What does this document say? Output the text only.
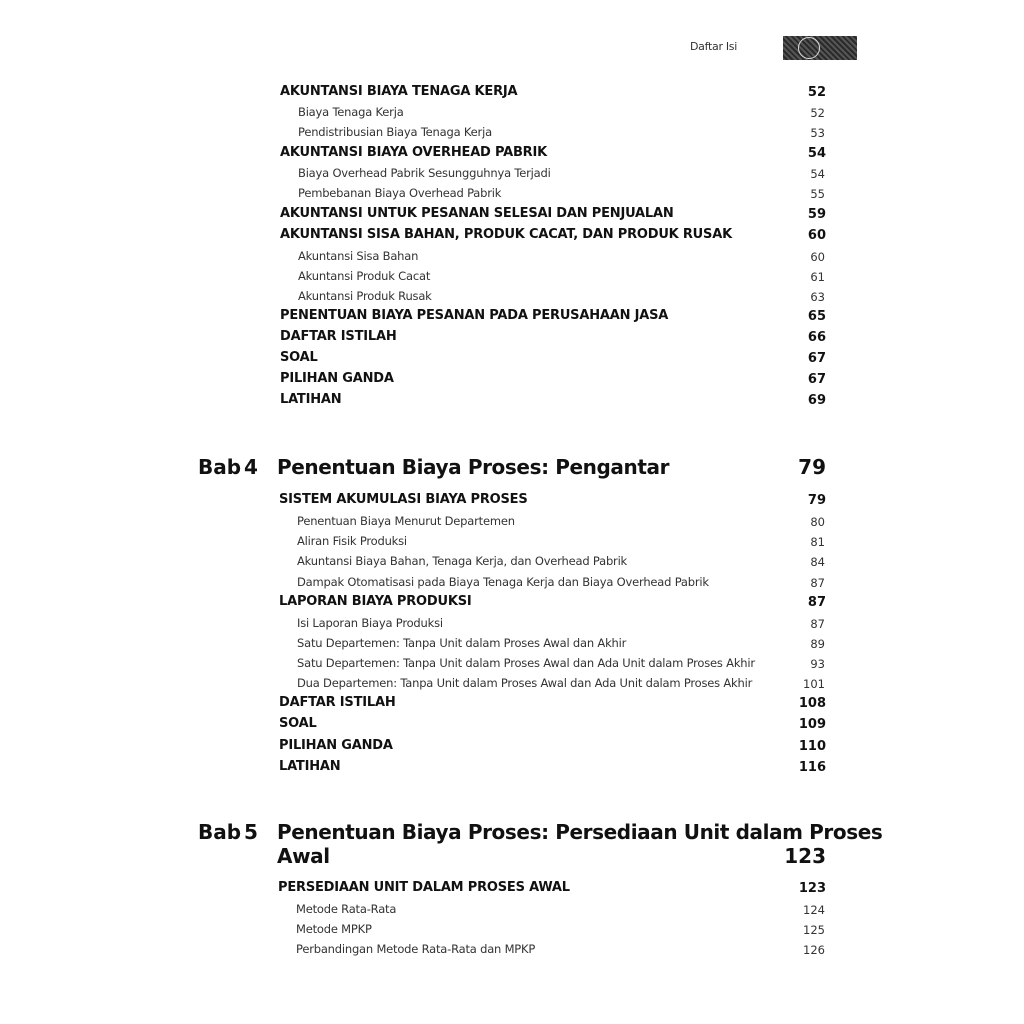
Daftar Isi
AKUNTANSI BIAYA TENAGA KERJA	52
Biaya Tenaga Kerja	52
Pendistribusian Biaya Tenaga Kerja	53
AKUNTANSI BIAYA OVERHEAD PABRIK	54
Biaya Overhead Pabrik Sesungguhnya Terjadi	54
Pembebanan Biaya Overhead Pabrik	55
AKUNTANSI UNTUK PESANAN SELESAI DAN PENJUALAN	59
AKUNTANSI SISA BAHAN, PRODUK CACAT, DAN PRODUK RUSAK	60
Akuntansi Sisa Bahan	60
Akuntansi Produk Cacat	61
Akuntansi Produk Rusak	63
PENENTUAN BIAYA PESANAN PADA PERUSAHAAN JASA	65
DAFTAR ISTILAH	66
SOAL	67
PILIHAN GANDA	67
LATIHAN	69
Bab 4 Penentuan Biaya Proses: Pengantar	79
SISTEM AKUMULASI BIAYA PROSES	79
Penentuan Biaya Menurut Departemen	80
Aliran Fisik Produksi	81
Akuntansi Biaya Bahan, Tenaga Kerja, dan Overhead Pabrik	84
Dampak Otomatisasi pada Biaya Tenaga Kerja dan Biaya Overhead Pabrik	87
LAPORAN BIAYA PRODUKSI	87
Isi Laporan Biaya Produksi	87
Satu Departemen: Tanpa Unit dalam Proses Awal dan Akhir	89
Satu Departemen: Tanpa Unit dalam Proses Awal dan Ada Unit dalam Proses Akhir	93
Dua Departemen: Tanpa Unit dalam Proses Awal dan Ada Unit dalam Proses Akhir	101
DAFTAR ISTILAH	108
SOAL	109
PILIHAN GANDA	110
LATIHAN	116
Bab 5 Penentuan Biaya Proses: Persediaan Unit dalam Proses
Awal	123
PERSEDIAAN UNIT DALAM PROSES AWAL	123
Metode Rata-Rata	124
Metode MPKP	125
Perbandingan Metode Rata-Rata dan MPKP	126
